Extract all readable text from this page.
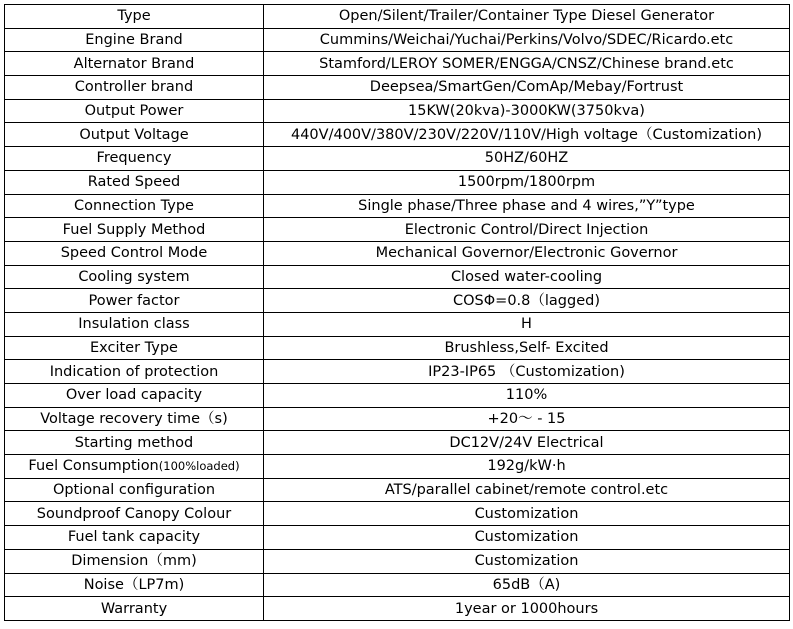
Type	Open/Silent/Trailer/Container Type Diesel Generator
Engine Brand	Cummins/Weichai/Yuchai/Perkins/Volvo/SDEC/Ricardo.etc
Alternator Brand	Stamford/LEROY SOMER/ENGGA/CNSZ/Chinese brand.etc
Controller brand	Deepsea/SmartGen/ComAp/Mebay/Fortrust
Output Power	15KW(20kva)-3000KW(3750kva)
Output Voltage	440V/400V/380V/230V/220V/110V/High voltage（Customization)
Frequency	50HZ/60HZ
Rated Speed	1500rpm/1800rpm
Connection Type	Single phase/Three phase and 4 wires,”Y”type
Fuel Supply Method	Electronic Control/Direct Injection
Speed Control Mode	Mechanical Governor/Electronic Governor
Cooling system	Closed water-cooling
Power factor	COSΦ=0.8（lagged)
Insulation class	H
Exciter Type	Brushless,Self- Excited
Indication of protection	IP23-IP65 （Customization)
Over load capacity	110%
Voltage recovery time（s)	+20～ - 15
Starting method	DC12V/24V Electrical
Fuel Consumption(100%loaded)	192g/kW·h
Optional configuration	ATS/parallel cabinet/remote control.etc
Soundproof Canopy Colour	Customization
Fuel tank capacity	Customization
Dimension（mm)	Customization
Noise（LP7m)	65dB（A)
Warranty	1year or 1000hours
